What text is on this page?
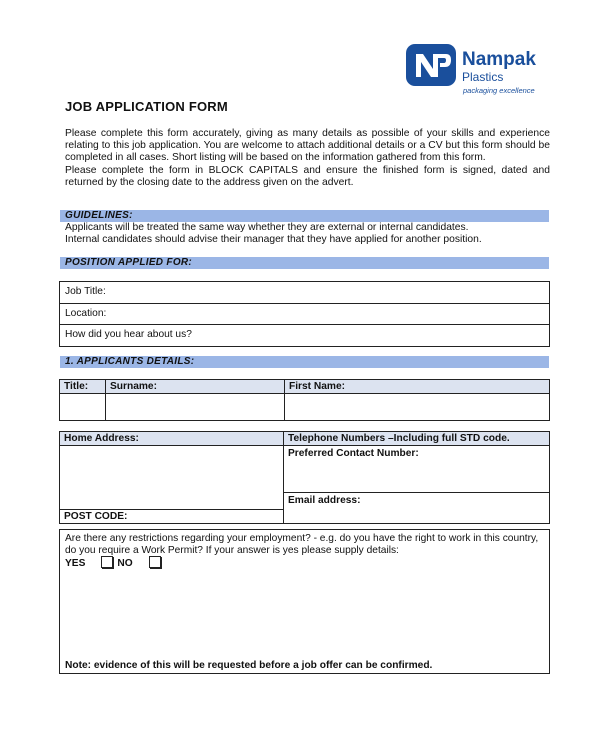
Nampak
Plastics
packaging excellence
JOB APPLICATION FORM

Please complete this form accurately, giving as many details as possible of your skills and experience relating to this job application. You are welcome to attach additional details or a CV but this form should be completed in all cases. Short listing will be based on the information gathered from this form.

Please complete the form in BLOCK CAPITALS and ensure the finished form is signed, dated and returned by the closing date to the address given on the advert.

GUIDELINES:

Applicants will be treated the same way whether they are external or internal candidates.

Internal candidates should advise their manager that they have applied for another position.

POSITION APPLIED FOR:
Job Title:
Location:
How did you hear about us?
1. APPLICANTS DETAILS:
Title:	Surname:	First Name:

Home Address:	Telephone Numbers –Including full STD code.
	Preferred Contact Number:
	Email address:
POST CODE:	
Are there any restrictions regarding your employment? - e.g. do you have the right to work in this country, do you require a Work Permit? If your answer is yes please supply details:
YES	NO
Note: evidence of this will be requested before a job offer can be confirmed.
